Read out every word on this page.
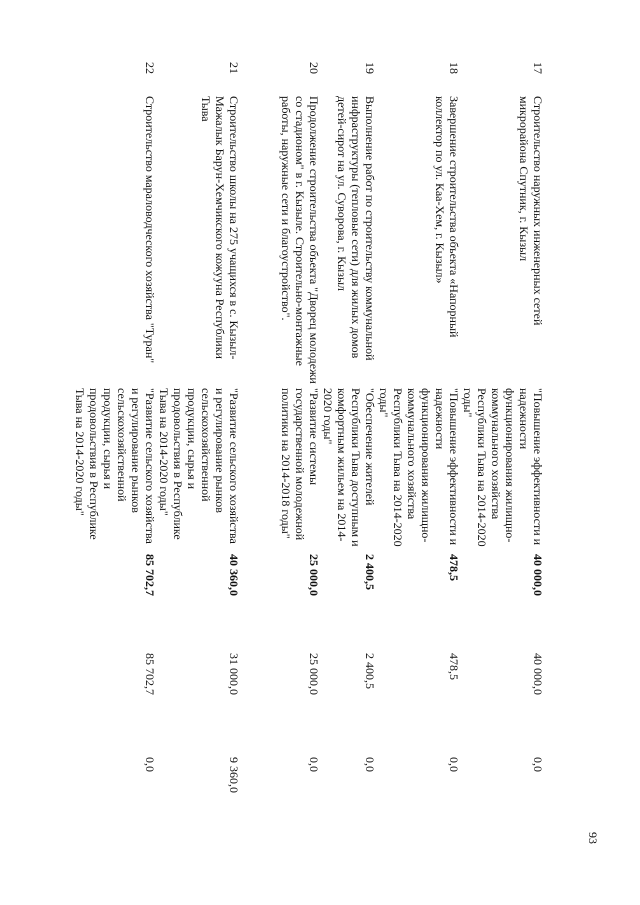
93
17	Строительство наружных инженерных сетей микрорайона Спутник, г. Кызыл	"Повышение эффективности и надежности функционирования жилищно-коммунального хозяйства Республики Тыва на 2014-2020 годы"	40 000,0	40 000,0	0,0
18	Завершение строительства объекта «Напорный коллектор по ул. Каа-Хем, г. Кызыл»	"Повышение эффективности и надежности функционирования жилищно-коммунального хозяйства Республики Тыва на 2014-2020 годы"	478,5	478,5	0,0
19	Выполнение работ по строительству коммунальной инфраструктуры (тепловые сети) для жилых домов детей-сирот на ул. Суворова, г. Кызыл	"Обеспечение жителей Республики Тыва доступным и комфортным жильем на 2014-2020 годы"	2 400,5	2 400,5	0,0
20	Продолжение строительства объекта "Дворец молодежи со стадионом" в г. Кызыле. Строительно-монтажные работы, наружные сети и благоустройство".	"Развитие системы государственной молодежной политики на 2014-2018 годы"	25 000,0	25 000,0	0,0
21	Строительство школы на 275 учащихся в с. Кызыл-Мажалык Барун-Хемчикского кожууна Республики Тыва	"Развитие сельского хозяйства и регулирование рынков сельскохозяйственной продукции, сырья и продовольствия в Республике Тыва на 2014-2020 годы"	40 360,0	31 000,0	9 360,0
22	Строительство мараловодческого хозяйства "Туран"	"Развитие сельского хозяйства и регулирование рынков сельскохозяйственной продукции, сырья и продовольствия в Республике Тыва на 2014-2020 годы"	85 702,7	85 702,7	0,0
